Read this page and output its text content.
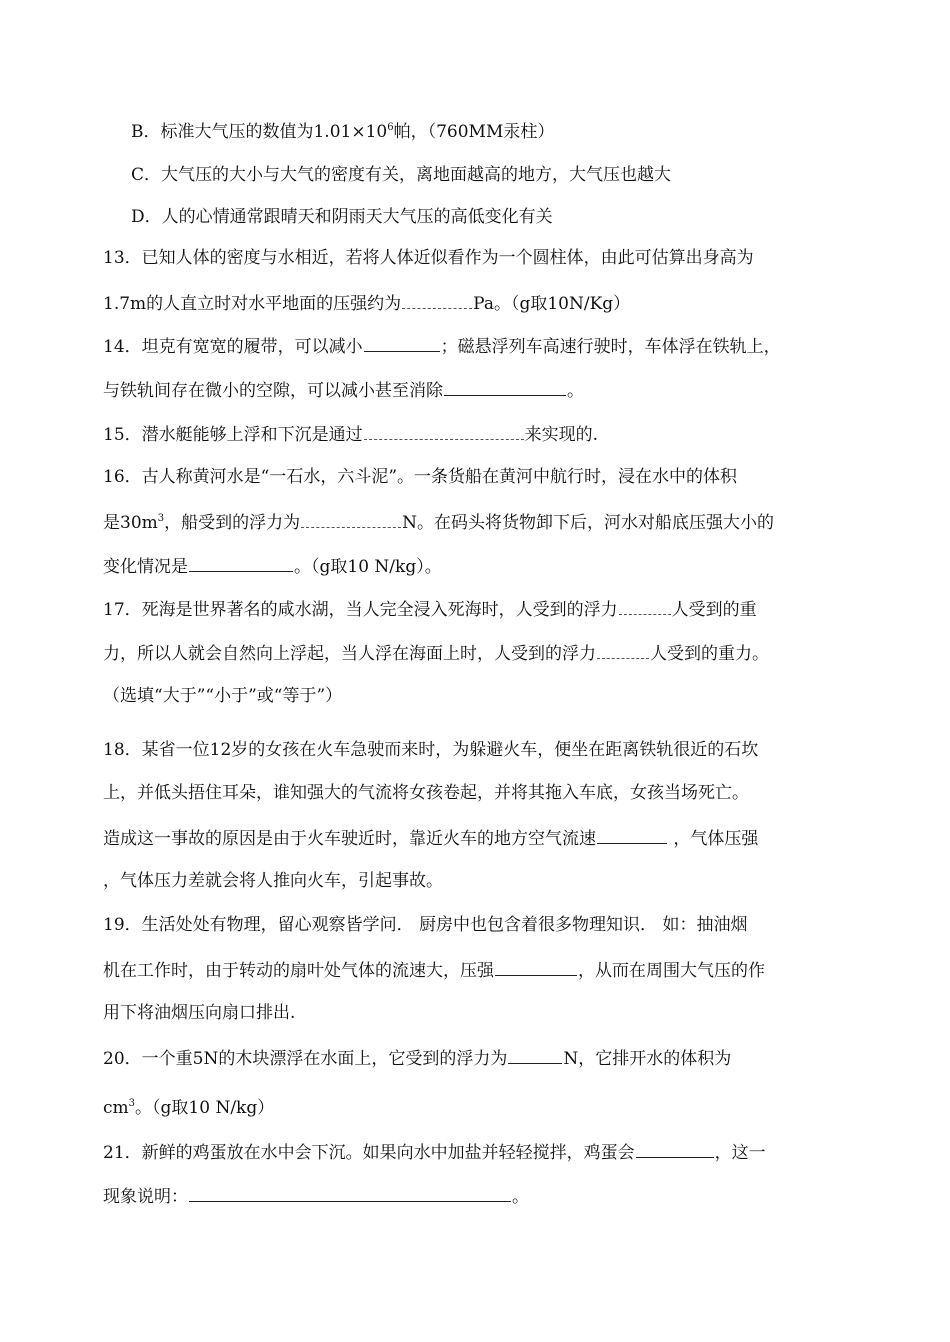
B．标准大气压的数值为$1.01\times 10^6$帕，（760MM汞柱）
C．大气压的大小与大气的密度有关，离地面越高的地方，大气压也越大
D．人的心情通常跟晴天和阴雨天大气压的高低变化有关
13．已知人体的密度与水相近，若将人体近似看作为一个圆柱体，由此可估算出身高为
1.7m的人直立时对水平地面的压强约为	Pa。（g取10N/Kg）
14．坦克有宽宽的履带，可以减小	；磁悬浮列车高速行驶时，车体浮在铁轨上，
与铁轨间存在微小的空隙，可以减小甚至消除	。
15．潜水艇能够上浮和下沉是通过	来实现的.
16．古人称黄河水是“一石水，六斗泥”。一条货船在黄河中航行时，浸在水中的体积
是$30m^3$，船受到的浮力为	N。在码头将货物卸下后，河水对船底压强大小的
变化情况是	。（g取10 N/kg）。
17．死海是世界著名的咸水湖，当人完全浸入死海时，人受到的浮力	人受到的重
力，所以人就会自然向上浮起，当人浮在海面上时，人受到的浮力	人受到的重力。
（选填“大于”“小于”或“等于”）
18．某省一位12岁的女孩在火车急驶而来时，为躲避火车，便坐在距离铁轨很近的石坎
上，并低头捂住耳朵，谁知强大的气流将女孩卷起，并将其拖入车底，女孩当场死亡。
造成这一事故的原因是由于火车驶近时，靠近火车的地方空气流速	，气体压强
，气体压力差就会将人推向火车，引起事故。
19．生活处处有物理，留心观察皆学问． 厨房中也包含着很多物理知识． 如：抽油烟
机在工作时，由于转动的扇叶处气体的流速大，压强	，从而在周围大气压的作
用下将油烟压向扇口排出.
20．一个重5N的木块漂浮在水面上，它受到的浮力为	N，它排开水的体积为
$cm^3$。（g取10 N/kg）
21．新鲜的鸡蛋放在水中会下沉。如果向水中加盐并轻轻搅拌，鸡蛋会	，这一
现象说明：	。
